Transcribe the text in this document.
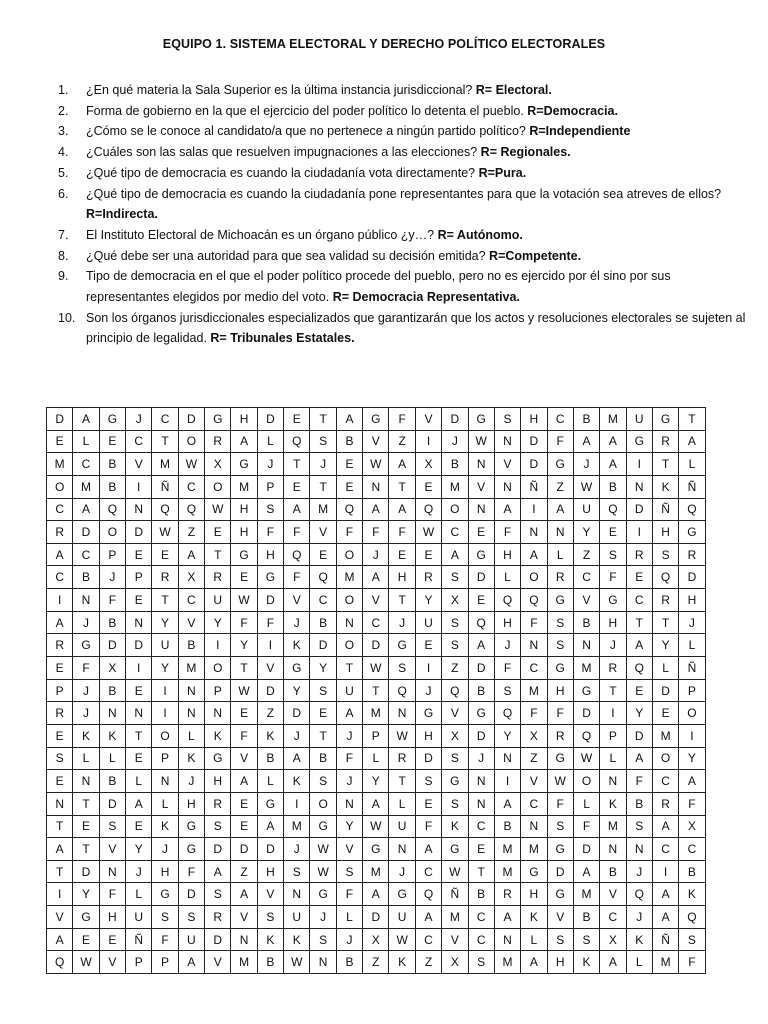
EQUIPO 1. SISTEMA ELECTORAL Y DERECHO POLÍTICO ELECTORALES
1.	¿En qué materia la Sala Superior es la última instancia jurisdiccional? R= Electoral.
2.	Forma de gobierno en la que el ejercicio del poder político lo detenta el pueblo. R=Democracia.
3.	¿Cómo se le conoce al candidato/a que no pertenece a ningún partido político? R=Independiente
4.	¿Cuáles son las salas que resuelven impugnaciones a las elecciones? R= Regionales.
5.	¿Qué tipo de democracia es cuando la ciudadanía vota directamente? R=Pura.
6.	¿Qué tipo de democracia es cuando la ciudadanía pone representantes para que la votación sea atreves de ellos? R=Indirecta.
7.	El Instituto Electoral de Michoacán es un órgano público ¿y…? R= Autónomo.
8.	¿Qué debe ser una autoridad para que sea validad su decisión emitida? R=Competente.
9.	Tipo de democracia en el que el poder político procede del pueblo, pero no es ejercido por él sino por sus representantes elegidos por medio del voto. R= Democracia Representativa.
10. Son los órganos jurisdiccionales especializados que garantizarán que los actos y resoluciones electorales se sujeten al principio de legalidad. R= Tribunales Estatales.
D	A	G	J	C	D	G	H	D	E	T	A	G	F	V	D	G	S	H	C	B	M	U	G	T
E	L	E	C	T	O	R	A	L	Q	S	B	V	Z	I	J	W	N	D	F	A	A	G	R	A
M	C	B	V	M	W	X	G	J	T	J	E	W	A	X	B	N	V	D	G	J	A	I	T	L
O	M	B	I	Ñ	C	O	M	P	E	T	E	N	T	E	M	V	N	Ñ	Z	W	B	N	K	Ñ
C	A	Q	N	Q	Q	W	H	S	A	M	Q	A	A	Q	O	N	A	I	A	U	Q	D	Ñ	Q
R	D	O	D	W	Z	E	H	F	F	V	F	F	F	W	C	E	F	N	N	Y	E	I	H	G
A	C	P	E	E	A	T	G	H	Q	E	O	J	E	E	A	G	H	A	L	Z	S	R	S	R
C	B	J	P	R	X	R	E	G	F	Q	M	A	H	R	S	D	L	O	R	C	F	E	Q	D
I	N	F	E	T	C	U	W	D	V	C	O	V	T	Y	X	E	Q	Q	G	V	G	C	R	H
A	J	B	N	Y	V	Y	F	F	J	B	N	C	J	U	S	Q	H	F	S	B	H	T	T	J
R	G	D	D	U	B	I	Y	I	K	D	O	D	G	E	S	A	J	N	S	N	J	A	Y	L
E	F	X	I	Y	M	O	T	V	G	Y	T	W	S	I	Z	D	F	C	G	M	R	Q	L	Ñ
P	J	B	E	I	N	P	W	D	Y	S	U	T	Q	J	Q	B	S	M	H	G	T	E	D	P
R	J	N	N	I	N	N	E	Z	D	E	A	M	N	G	V	G	Q	F	F	D	I	Y	E	O
E	K	K	T	O	L	K	F	K	J	T	J	P	W	H	X	D	Y	X	R	Q	P	D	M	I
S	L	L	E	P	K	G	V	B	A	B	F	L	R	D	S	J	N	Z	G	W	L	A	O	Y
E	N	B	L	N	J	H	A	L	K	S	J	Y	T	S	G	N	I	V	W	O	N	F	C	A
N	T	D	A	L	H	R	E	G	I	O	N	A	L	E	S	N	A	C	F	L	K	B	R	F
T	E	S	E	K	G	S	E	A	M	G	Y	W	U	F	K	C	B	N	S	F	M	S	A	X
A	T	V	Y	J	G	D	D	D	J	W	V	G	N	A	G	E	M	M	G	D	N	N	C	C
T	D	N	J	H	F	A	Z	H	S	W	S	M	J	C	W	T	M	G	D	A	B	J	I	B
I	Y	F	L	G	D	S	A	V	N	G	F	A	G	Q	Ñ	B	R	H	G	M	V	Q	A	K
V	G	H	U	S	S	R	V	S	U	J	L	D	U	A	M	C	A	K	V	B	C	J	A	Q
A	E	E	Ñ	F	U	D	N	K	K	S	J	X	W	C	V	C	N	L	S	S	X	K	Ñ	S
Q	W	V	P	P	A	V	M	B	W	N	B	Z	K	Z	X	S	M	A	H	K	A	L	M	F
